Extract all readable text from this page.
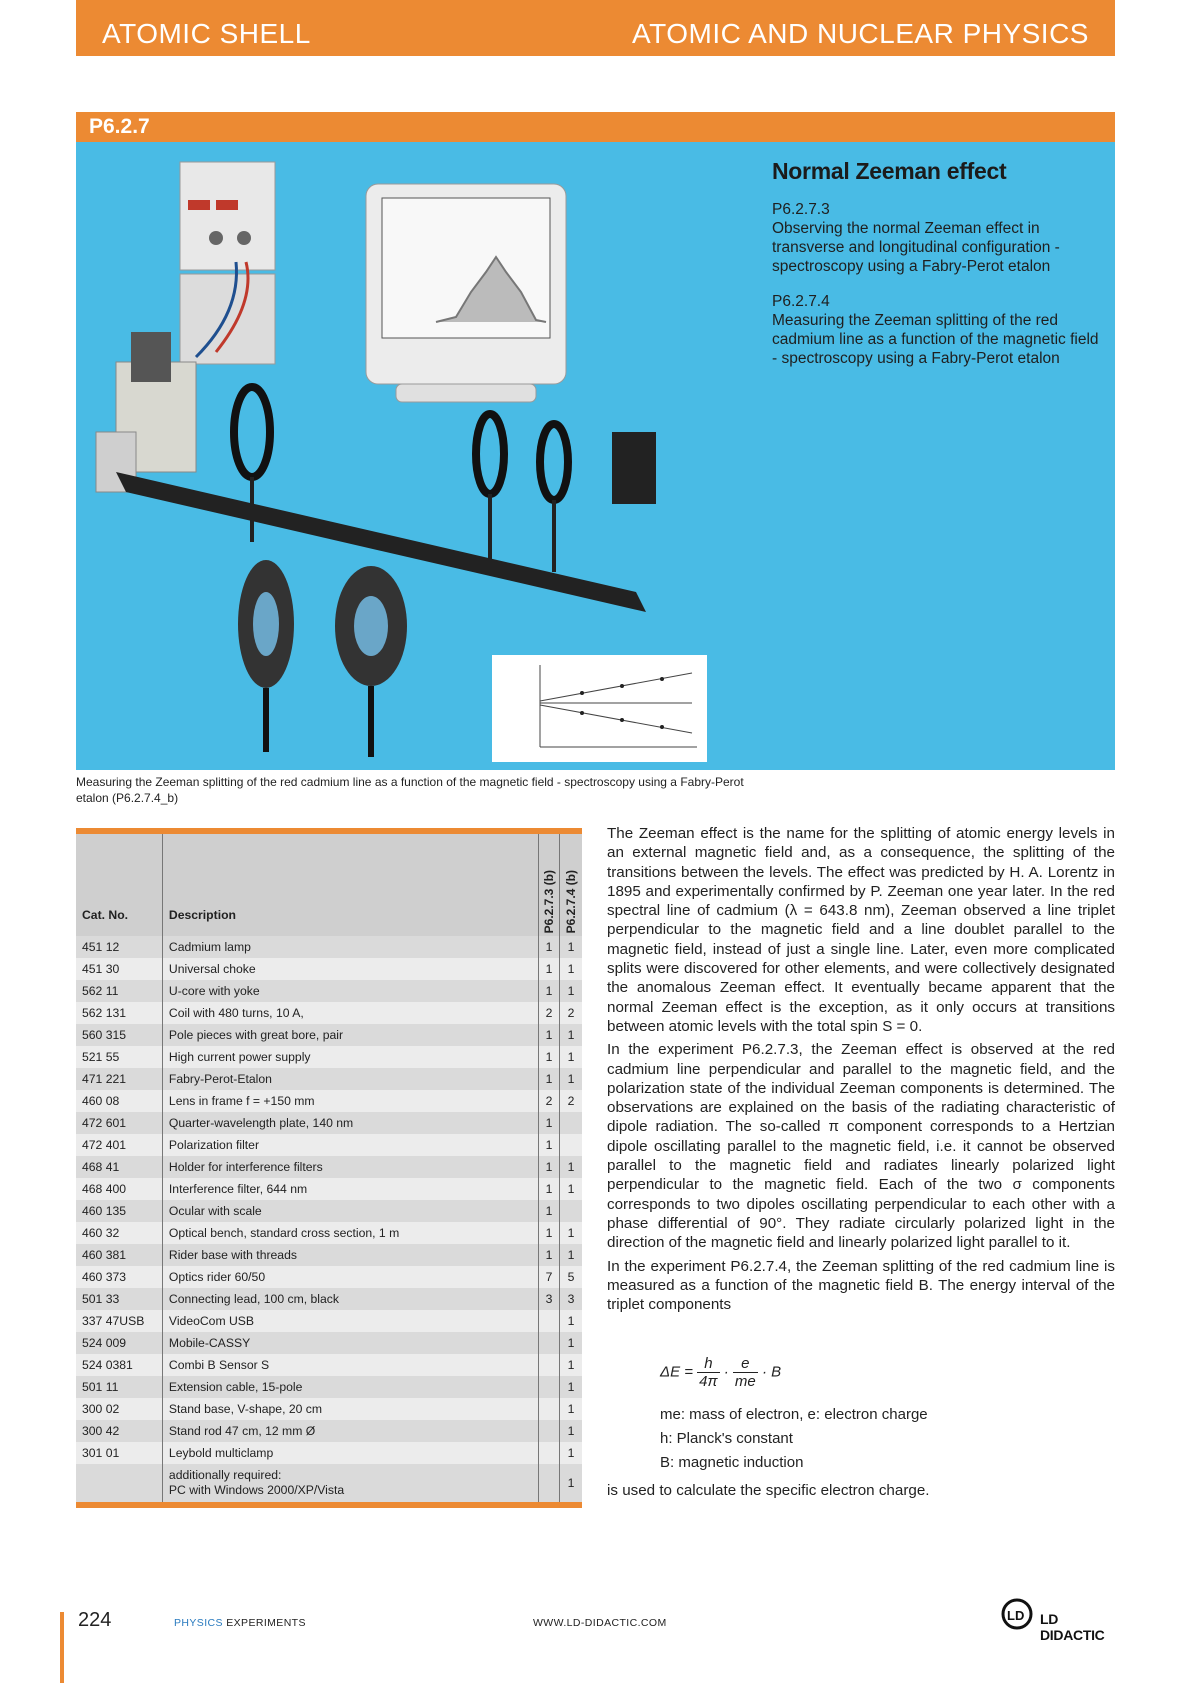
ATOMIC SHELL	ATOMIC AND NUCLEAR PHYSICS
P6.2.7
Normal Zeeman effect
P6.2.7.3
Observing the normal Zeeman effect in transverse and longitudinal configuration - spectroscopy using a Fabry-Perot etalon
P6.2.7.4
Measuring the Zeeman splitting of the red cadmium line as a function of the magnetic field - spectroscopy using a Fabry-Perot etalon
Measuring the Zeeman splitting of the red cadmium line as a function of the magnetic field - spectroscopy using a Fabry-Perot etalon (P6.2.7.4_b)
Cat. No.	Description	P6.2.7.3 (b)	P6.2.7.4 (b)
451 12	Cadmium lamp	1	1
451 30	Universal choke	1	1
562 11	U-core with yoke	1	1
562 131	Coil with 480 turns, 10 A,	2	2
560 315	Pole pieces with great bore, pair	1	1
521 55	High current power supply	1	1
471 221	Fabry-Perot-Etalon	1	1
460 08	Lens in frame f = +150 mm	2	2
472 601	Quarter-wavelength plate, 140 nm	1	
472 401	Polarization filter	1	
468 41	Holder for interference filters	1	1
468 400	Interference filter, 644 nm	1	1
460 135	Ocular with scale	1	
460 32	Optical bench, standard cross section, 1 m	1	1
460 381	Rider base with threads	1	1
460 373	Optics rider 60/50	7	5
501 33	Connecting lead, 100 cm, black	3	3
337 47USB	VideoCom USB		1
524 009	Mobile-CASSY		1
524 0381	Combi B Sensor S		1
501 11	Extension cable, 15-pole		1
300 02	Stand base, V-shape, 20 cm		1
300 42	Stand rod 47 cm, 12 mm Ø		1
301 01	Leybold multiclamp		1

	additionally required:
PC with Windows 2000/XP/Vista		1

The Zeeman effect is the name for the splitting of atomic energy levels in an external magnetic field and, as a consequence, the splitting of the transitions between the levels. The effect was predicted by H. A. Lorentz in 1895 and experimentally confirmed by P. Zeeman one year later. In the red spectral line of cadmium (λ = 643.8 nm), Zeeman observed a line triplet perpendicular to the magnetic field and a line doublet parallel to the magnetic field, instead of just a single line. Later, even more complicated splits were discovered for other elements, and were collectively designated the anomalous Zeeman effect. It eventually became apparent that the normal Zeeman effect is the exception, as it only occurs at transitions between atomic levels with the total spin S = 0.

In the experiment P6.2.7.3, the Zeeman effect is observed at the red cadmium line perpendicular and parallel to the magnetic field, and the polarization state of the individual Zeeman components is determined. The observations are explained on the basis of the radiating characteristic of dipole radiation. The so-called π component corresponds to a Hertzian dipole oscillating parallel to the magnetic field, i.e. it cannot be observed parallel to the magnetic field and radiates linearly polarized light perpendicular to the magnetic field. Each of the two σ components corresponds to two dipoles oscillating perpendicular to each other with a phase differential of 90°. They radiate circularly polarized light in the direction of the magnetic field and linearly polarized light parallel to it.

In the experiment P6.2.7.4, the Zeeman splitting of the red cadmium line is measured as a function of the magnetic field B. The energy interval of the triplet components

$\Delta E = \frac{h}{4\pi} \cdot \frac{e}{me} \cdot B$
me: mass of electron, e: electron charge
h: Planck's constant
B: magnetic induction
is used to calculate the specific electron charge.
224	PHYSICS EXPERIMENTS	WWW.LD-DIDACTIC.COM	LD LD DIDACTIC
